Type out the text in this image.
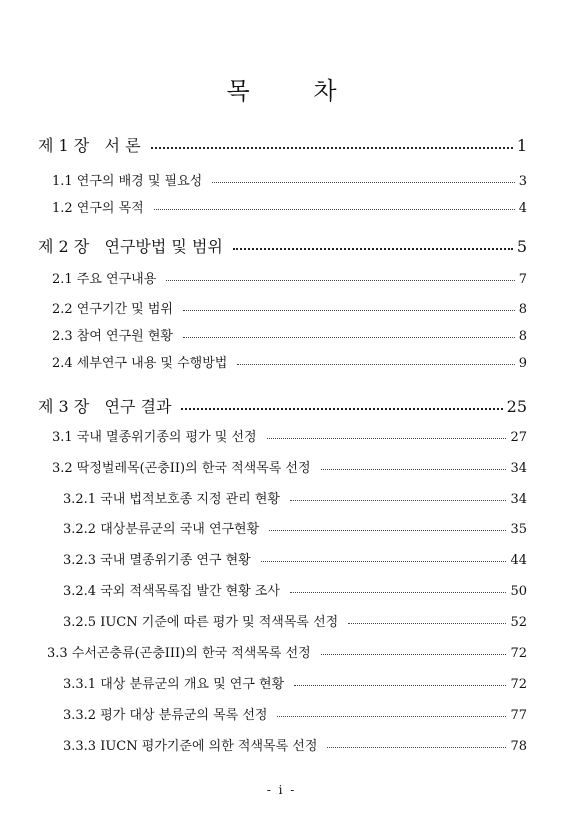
목 차
제 1 장   서 론	1
1.1 연구의 배경 및 필요성	3
1.2 연구의 목적	4
제 2 장   연구방법 및 범위	5
2.1 주요 연구내용	7
2.2 연구기간 및 범위	8
2.3 참여 연구원 현황	8
2.4 세부연구 내용 및 수행방법	9
제 3 장   연구 결과	25
3.1 국내 멸종위기종의 평가 및 선정	27
3.2 딱정벌레목(곤충II)의 한국 적색목록 선정	34
3.2.1 국내 법적보호종 지정 관리 현황	34
3.2.2 대상분류군의 국내 연구현황	35
3.2.3 국내 멸종위기종 연구 현황	44
3.2.4 국외 적색목록집 발간 현황 조사	50
3.2.5 IUCN 기준에 따른 평가 및 적색목록 선정	52
3.3 수서곤충류(곤충III)의 한국 적색목록 선정	72
3.3.1 대상 분류군의 개요 및 연구 현황	72
3.3.2 평가 대상 분류군의 목록 선정	77
3.3.3 IUCN 평가기준에 의한 적색목록 선정	78
- i -
